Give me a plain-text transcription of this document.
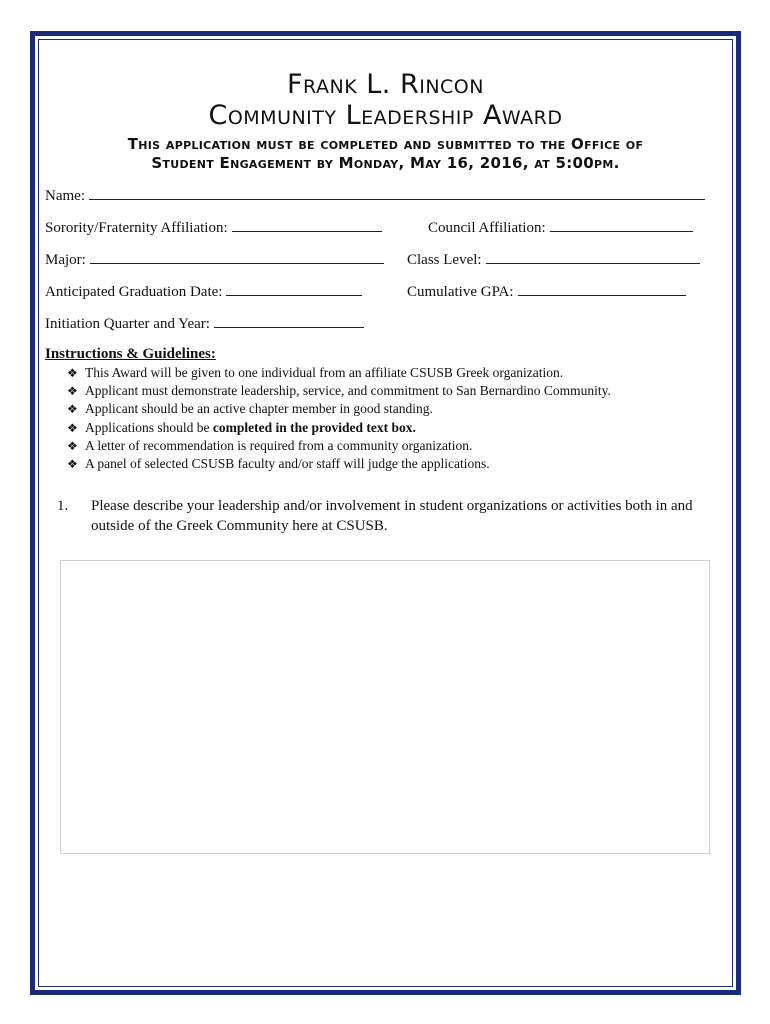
Frank L. Rincon
Community Leadership Award
This application must be completed and submitted to the Office of
Student Engagement by Monday, May 16, 2016, at 5:00pm.
Name:
Sorority/Fraternity Affiliation:	Council Affiliation:
Major:	Class Level:
Anticipated Graduation Date:	Cumulative GPA:
Initiation Quarter and Year:
Instructions & Guidelines:
❖ This Award will be given to one individual from an affiliate CSUSB Greek organization.
❖ Applicant must demonstrate leadership, service, and commitment to San Bernardino Community.
❖ Applicant should be an active chapter member in good standing.
❖ Applications should be completed in the provided text box.
❖ A letter of recommendation is required from a community organization.
❖ A panel of selected CSUSB faculty and/or staff will judge the applications.
1.	Please describe your leadership and/or involvement in student organizations or activities both in and outside of the Greek Community here at CSUSB.
